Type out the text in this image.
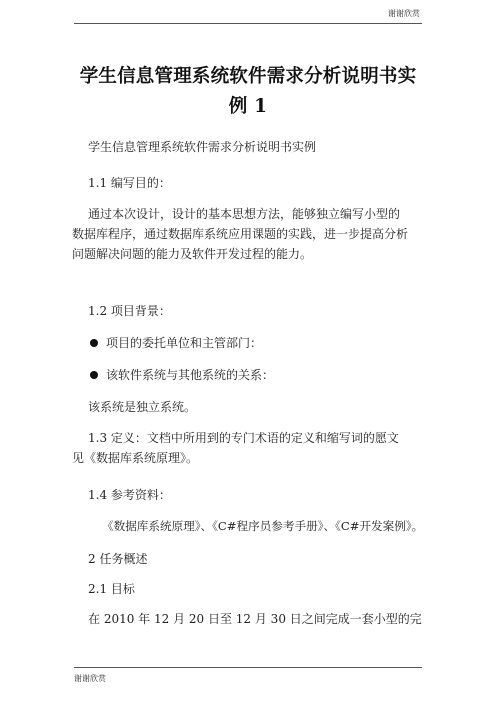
谢谢欣赏
学生信息管理系统软件需求分析说明书实
例 1

学生信息管理系统软件需求分析说明书实例

1.1 编写目的：

通过本次设计，设计的基本思想方法，能够独立编写小型的
数据库程序，通过数据库系统应用课题的实践，进一步提高分析
问题解决问题的能力及软件开发过程的能力。

1.2 项目背景：

项目的委托单位和主管部门：

该软件系统与其他系统的关系：

该系统是独立系统。

1.3 定义：文档中所用到的专门术语的定义和缩写词的愿文
见《数据库系统原理》。

1.4 参考资料：

《数据库系统原理》、《C#程序员参考手册》、《C#开发案例》。

2 任务概述

2.1 目标

在 2010 年 12 月 20 日至 12 月 30 日之间完成一套小型的完

谢谢欣赏
